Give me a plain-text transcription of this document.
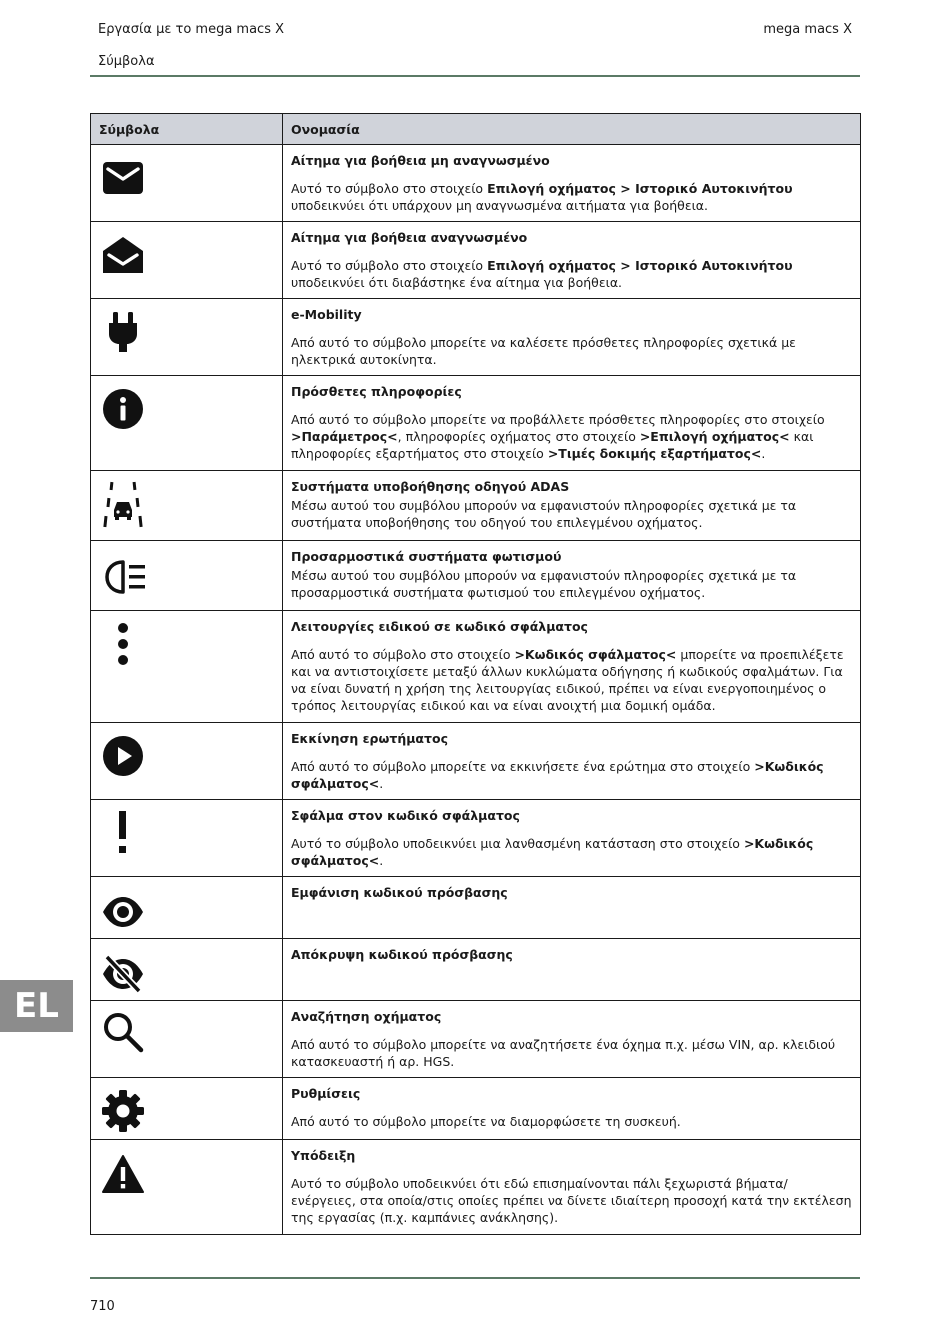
Εργασία με το mega macs X
Σύμβολα
mega macs X
Σύμβολα	Ονομασία

Αίτημα για βοήθεια μη αναγνωσμένο
Αυτό το σύμβολο στο στοιχείο Επιλογή οχήματος > Ιστορικό Αυτοκινήτου υποδεικνύει ότι υπάρχουν μη αναγνωσμένα αιτήματα για βοήθεια.

Αίτημα για βοήθεια αναγνωσμένο
Αυτό το σύμβολο στο στοιχείο Επιλογή οχήματος > Ιστορικό Αυτοκινήτου υποδεικνύει ότι διαβάστηκε ένα αίτημα για βοήθεια.

e-Mobility
Από αυτό το σύμβολο μπορείτε να καλέσετε πρόσθετες πληροφορίες σχετικά με ηλεκτρικά αυτοκίνητα.

Πρόσθετες πληροφορίες
Από αυτό το σύμβολο μπορείτε να προβάλλετε πρόσθετες πληροφορίες στο στοιχείο >Παράμετρος<, πληροφορίες οχήματος στο στοιχείο >Επιλογή οχήματος< και πληροφορίες εξαρτήματος στο στοιχείο >Τιμές δοκιμής εξαρτήματος<.

Συστήματα υποβοήθησης οδηγού ADAS
Μέσω αυτού του συμβόλου μπορούν να εμφανιστούν πληροφορίες σχετικά με τα συστήματα υποβοήθησης του οδηγού του επιλεγμένου οχήματος.

Προσαρμοστικά συστήματα φωτισμού
Μέσω αυτού του συμβόλου μπορούν να εμφανιστούν πληροφορίες σχετικά με τα προσαρμοστικά συστήματα φωτισμού του επιλεγμένου οχήματος.

Λειτουργίες ειδικού σε κωδικό σφάλματος
Από αυτό το σύμβολο στο στοιχείο >Κωδικός σφάλματος< μπορείτε να προεπιλέξετε και να αντιστοιχίσετε μεταξύ άλλων κυκλώματα οδήγησης ή κωδικούς σφαλμάτων. Για να είναι δυνατή η χρήση της λειτουργίας ειδικού, πρέπει να είναι ενεργοποιημένος ο τρόπος λειτουργίας ειδικού και να είναι ανοιχτή μια δομική ομάδα.

Εκκίνηση ερωτήματος
Από αυτό το σύμβολο μπορείτε να εκκινήσετε ένα ερώτημα στο στοιχείο >Κωδικός σφάλματος<.

Σφάλμα στον κωδικό σφάλματος
Αυτό το σύμβολο υποδεικνύει μια λανθασμένη κατάσταση στο στοιχείο >Κωδικός σφάλματος<.

Εμφάνιση κωδικού πρόσβασης

Απόκρυψη κωδικού πρόσβασης

Αναζήτηση οχήματος
Από αυτό το σύμβολο μπορείτε να αναζητήσετε ένα όχημα π.χ. μέσω VIN, αρ. κλειδιού κατασκευαστή ή αρ. HGS.

Ρυθμίσεις
Από αυτό το σύμβολο μπορείτε να διαμορφώσετε τη συσκευή.

Υπόδειξη
Αυτό το σύμβολο υποδεικνύει ότι εδώ επισημαίνονται πάλι ξεχωριστά βήματα/ ενέργειες, στα οποία/στις οποίες πρέπει να δίνετε ιδιαίτερη προσοχή κατά την εκτέλεση της εργασίας (π.χ. καμπάνιες ανάκλησης).
EL
710
